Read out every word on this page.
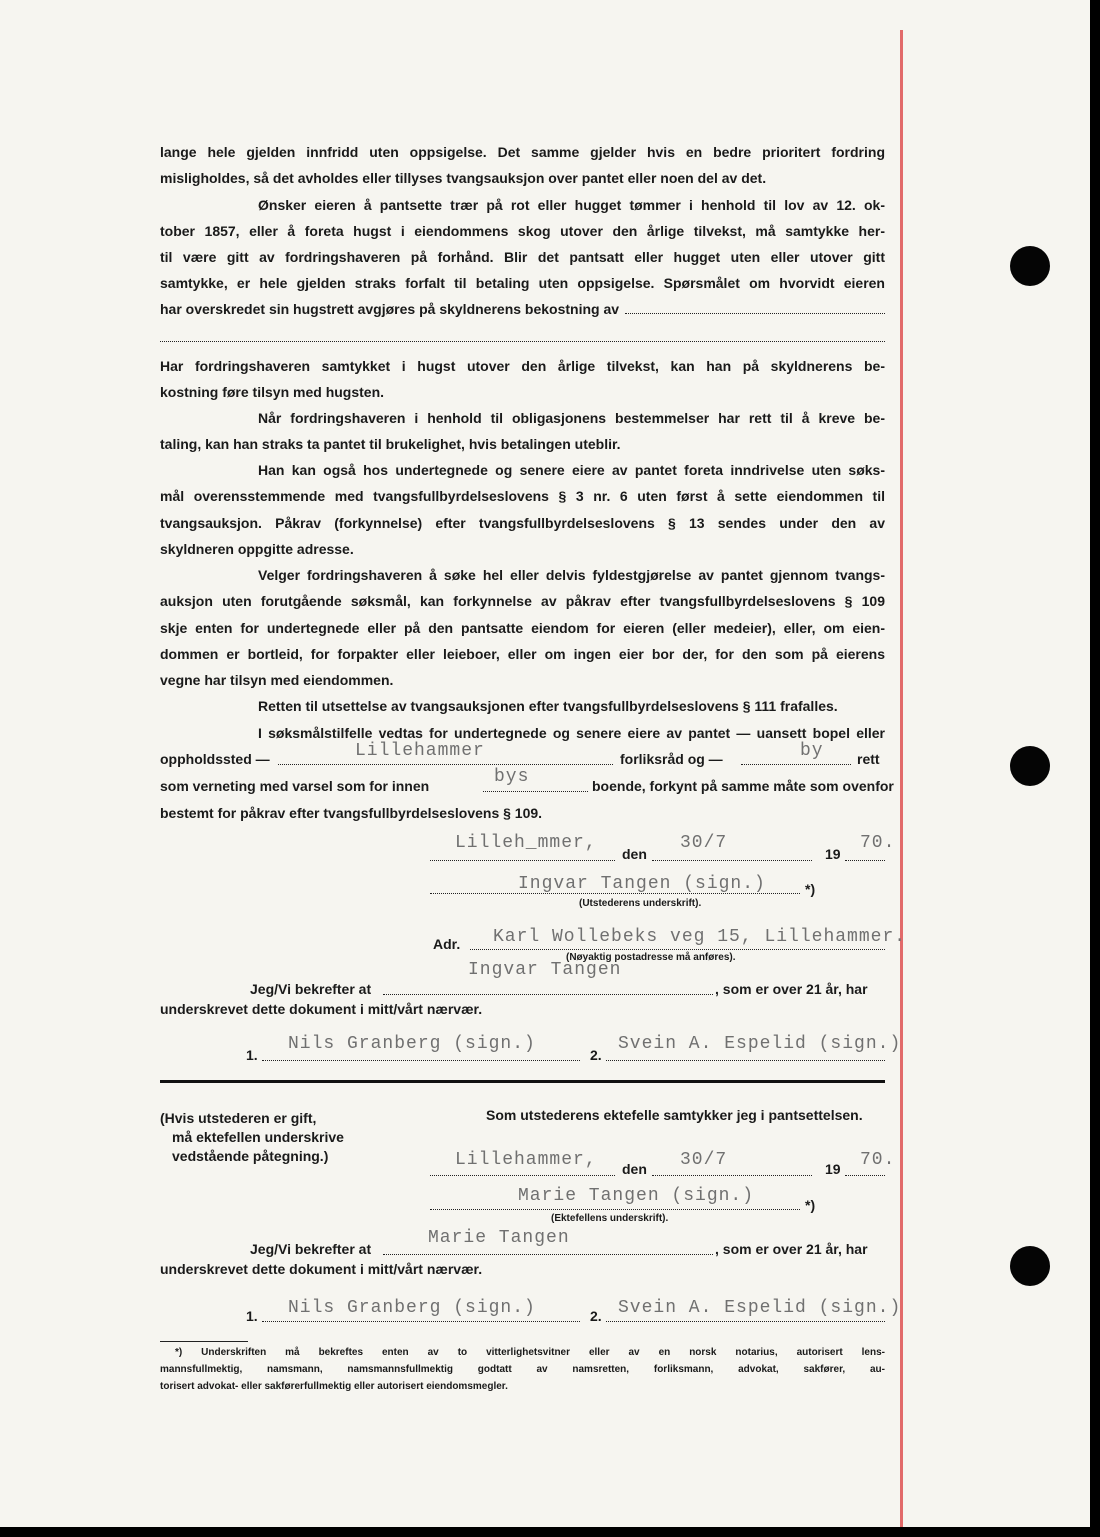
lange hele gjelden innfridd uten oppsigelse. Det samme gjelder hvis en bedre prioritert fordring
misligholdes, så det avholdes eller tillyses tvangsauksjon over pantet eller noen del av det.
Ønsker eieren å pantsette trær på rot eller hugget tømmer i henhold til lov av 12. ok-
tober 1857, eller å foreta hugst i eiendommens skog utover den årlige tilvekst, må samtykke her-
til være gitt av fordringshaveren på forhånd. Blir det pantsatt eller hugget uten eller utover gitt
samtykke, er hele gjelden straks forfalt til betaling uten oppsigelse. Spørsmålet om hvorvidt eieren
har overskredet sin hugstrett avgjøres på skyldnerens bekostning av
Har fordringshaveren samtykket i hugst utover den årlige tilvekst, kan han på skyldnerens be-
kostning føre tilsyn med hugsten.
Når fordringshaveren i henhold til obligasjonens bestemmelser har rett til å kreve be-
taling, kan han straks ta pantet til brukelighet, hvis betalingen uteblir.
Han kan også hos undertegnede og senere eiere av pantet foreta inndrivelse uten søks-
mål overensstemmende med tvangsfullbyrdelseslovens § 3 nr. 6 uten først å sette eiendommen til
tvangsauksjon. Påkrav (forkynnelse) efter tvangsfullbyrdelseslovens § 13 sendes under den av
skyldneren oppgitte adresse.
Velger fordringshaveren å søke hel eller delvis fyldestgjørelse av pantet gjennom tvangs-
auksjon uten forutgående søksmål, kan forkynnelse av påkrav efter tvangsfullbyrdelseslovens § 109
skje enten for undertegnede eller på den pantsatte eiendom for eieren (eller medeier), eller, om eien-
dommen er bortleid, for forpakter eller leieboer, eller om ingen eier bor der, for den som på eierens
vegne har tilsyn med eiendommen.
Retten til utsettelse av tvangsauksjonen efter tvangsfullbyrdelseslovens § 111 frafalles.
I søksmålstilfelle vedtas for undertegnede og senere eiere av pantet — uansett bopel eller
oppholdssted —	Lillehammer	forliksråd og —	by rett
som verneting med varsel som for innen	bys	boende, forkynt på samme måte som ovenfor
bestemt for påkrav efter tvangsfullbyrdelseslovens § 109.
Lilleh_mmer,
den
30/7
19
70.
Ingvar Tangen (sign.)	*)
(Utstederens underskrift).
Adr. Karl Wollebeks veg 15, Lillehammer.
(Nøyaktig postadresse må anføres).
Ingvar Tangen
Jeg/Vi bekrefter at	, som er over 21 år, har
underskrevet dette dokument i mitt/vårt nærvær.
1.
Nils Granberg (sign.)
2.
Svein A. Espelid (sign.)
(Hvis utstederen er gift,
må ektefellen underskrive
vedstående påtegning.)
Som utstederens ektefelle samtykker jeg i pantsettelsen.
Lillehammer, den 30/7	19 70.
Marie Tangen (sign.)	*)
(Ektefellens underskrift).
Marie Tangen
Jeg/Vi bekrefter at	, som er over 21 år, har
underskrevet dette dokument i mitt/vårt nærvær.
1. Nils Granberg (sign.)	2. Svein A. Espelid (sign.)
*) Underskriften må bekreftes enten av to vitterlighetsvitner eller av en norsk notarius, autorisert lens-
mannsfullmektig, namsmann, namsmannsfullmektig godtatt av namsretten, forliksmann, advokat, sakfører, au-
torisert advokat- eller sakførerfullmektig eller autorisert eiendomsmegler.
